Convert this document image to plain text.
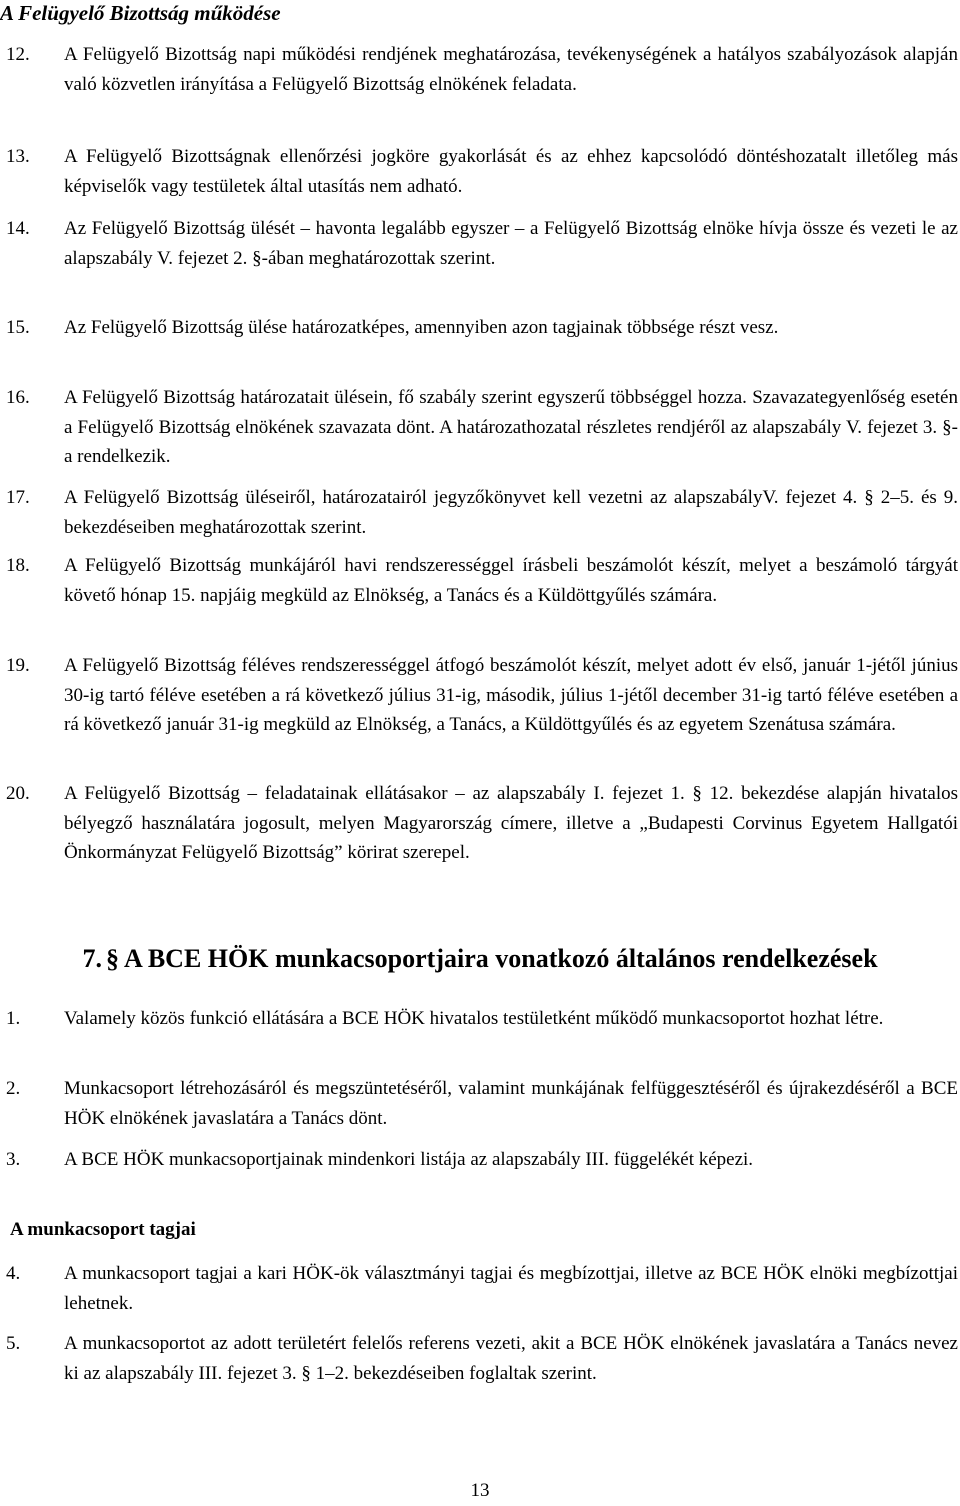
A Felügyelő Bizottság működése
12. A Felügyelő Bizottság napi működési rendjének meghatározása, tevékenységének a hatályos szabályozások alapján való közvetlen irányítása a Felügyelő Bizottság elnökének feladata.
13. A Felügyelő Bizottságnak ellenőrzési jogköre gyakorlását és az ehhez kapcsolódó döntéshozatalt illetőleg más képviselők vagy testületek által utasítás nem adható.
14. Az Felügyelő Bizottság ülését – havonta legalább egyszer – a Felügyelő Bizottság elnöke hívja össze és vezeti le az alapszabály V. fejezet 2. §-ában meghatározottak szerint.
15. Az Felügyelő Bizottság ülése határozatképes, amennyiben azon tagjainak többsége részt vesz.
16. A Felügyelő Bizottság határozatait ülésein, fő szabály szerint egyszerű többséggel hozza. Szavazategyenlőség esetén a Felügyelő Bizottság elnökének szavazata dönt. A határozathozatal részletes rendjéről az alapszabály V. fejezet 3. §-a rendelkezik.
17. A Felügyelő Bizottság üléseiről, határozatairól jegyzőkönyvet kell vezetni az alapszabályV. fejezet 4. § 2–5. és 9. bekezdéseiben meghatározottak szerint.
18. A Felügyelő Bizottság munkájáról havi rendszerességgel írásbeli beszámolót készít, melyet a beszámoló tárgyát követő hónap 15. napjáig megküld az Elnökség, a Tanács és a Küldöttgyűlés számára.
19. A Felügyelő Bizottság féléves rendszerességgel átfogó beszámolót készít, melyet adott év első, január 1-jétől június 30-ig tartó féléve esetében a rá következő július 31-ig, második, július 1-jétől december 31-ig tartó féléve esetében a rá következő január 31-ig megküld az Elnökség, a Tanács, a Küldöttgyűlés és az egyetem Szenátusa számára.
20. A Felügyelő Bizottság – feladatainak ellátásakor – az alapszabály I. fejezet 1. § 12. bekezdése alapján hivatalos bélyegző használatára jogosult, melyen Magyarország címere, illetve a „Budapesti Corvinus Egyetem Hallgatói Önkormányzat Felügyelő Bizottság” körirat szerepel.
7. § A BCE HÖK munkacsoportjaira vonatkozó általános rendelkezések
1. Valamely közös funkció ellátására a BCE HÖK hivatalos testületként működő munkacsoportot hozhat létre.
2. Munkacsoport létrehozásáról és megszüntetéséről, valamint munkájának felfüggesztéséről és újrakezdéséről a BCE HÖK elnökének javaslatára a Tanács dönt.
3. A BCE HÖK munkacsoportjainak mindenkori listája az alapszabály III. függelékét képezi.
A munkacsoport tagjai
4. A munkacsoport tagjai a kari HÖK-ök választmányi tagjai és megbízottjai, illetve az BCE HÖK elnöki megbízottjai lehetnek.
5. A munkacsoportot az adott területért felelős referens vezeti, akit a BCE HÖK elnökének javaslatára a Tanács nevez ki az alapszabály III. fejezet 3. § 1–2. bekezdéseiben foglaltak szerint.
13
